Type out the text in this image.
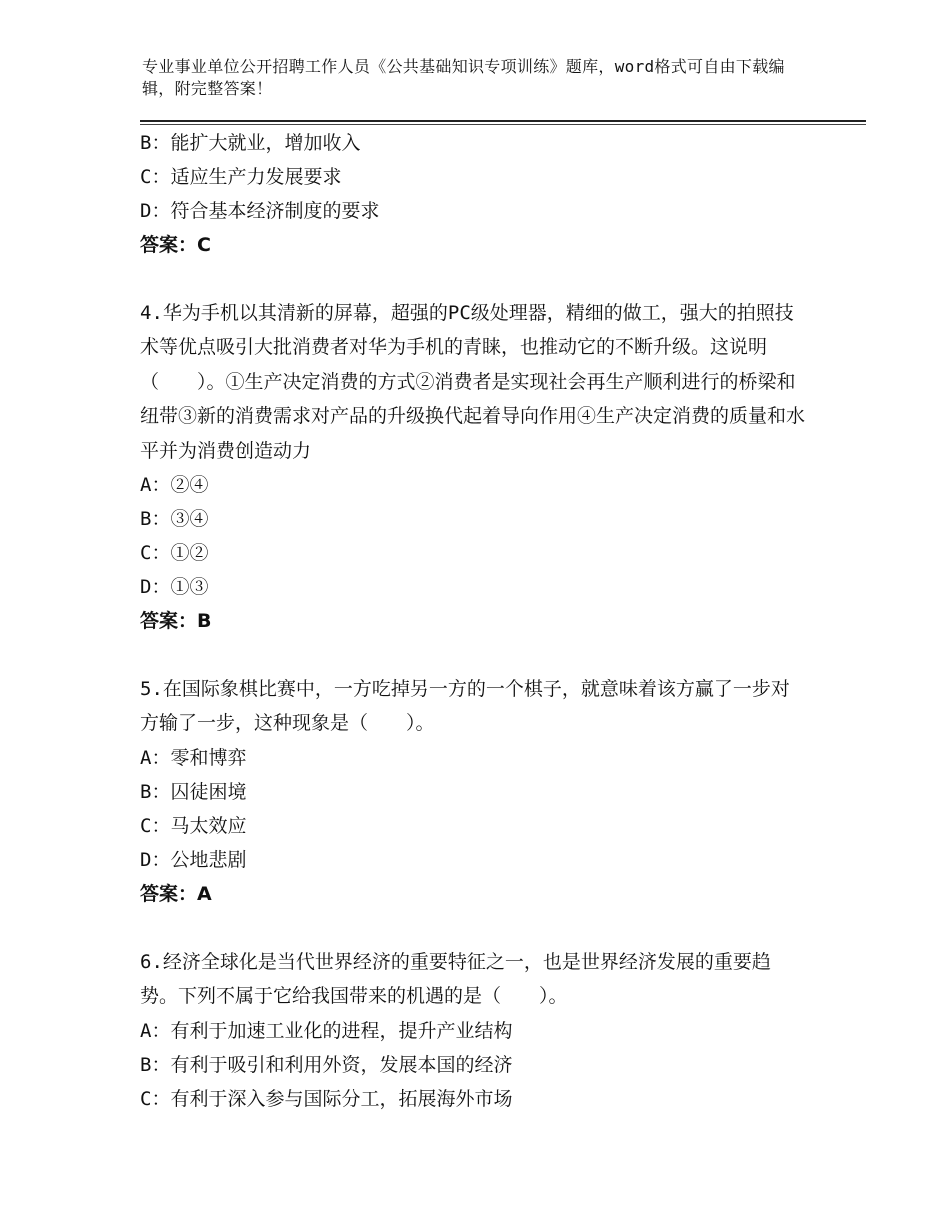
专业事业单位公开招聘工作人员《公共基础知识专项训练》题库，word格式可自由下载编辑，附完整答案！
B：能扩大就业，增加收入
C：适应生产力发展要求
D：符合基本经济制度的要求
答案：C
4.华为手机以其清新的屏幕，超强的PC级处理器，精细的做工，强大的拍照技术等优点吸引大批消费者对华为手机的青睐，也推动它的不断升级。这说明（　　）。①生产决定消费的方式②消费者是实现社会再生产顺利进行的桥梁和纽带③新的消费需求对产品的升级换代起着导向作用④生产决定消费的质量和水平并为消费创造动力
A：②④
B：③④
C：①②
D：①③
答案：B
5.在国际象棋比赛中，一方吃掉另一方的一个棋子，就意味着该方赢了一步对方输了一步，这种现象是（　　）。
A：零和博弈
B：囚徒困境
C：马太效应
D：公地悲剧
答案：A
6.经济全球化是当代世界经济的重要特征之一，也是世界经济发展的重要趋势。下列不属于它给我国带来的机遇的是（　　）。
A：有利于加速工业化的进程，提升产业结构
B：有利于吸引和利用外资，发展本国的经济
C：有利于深入参与国际分工，拓展海外市场
